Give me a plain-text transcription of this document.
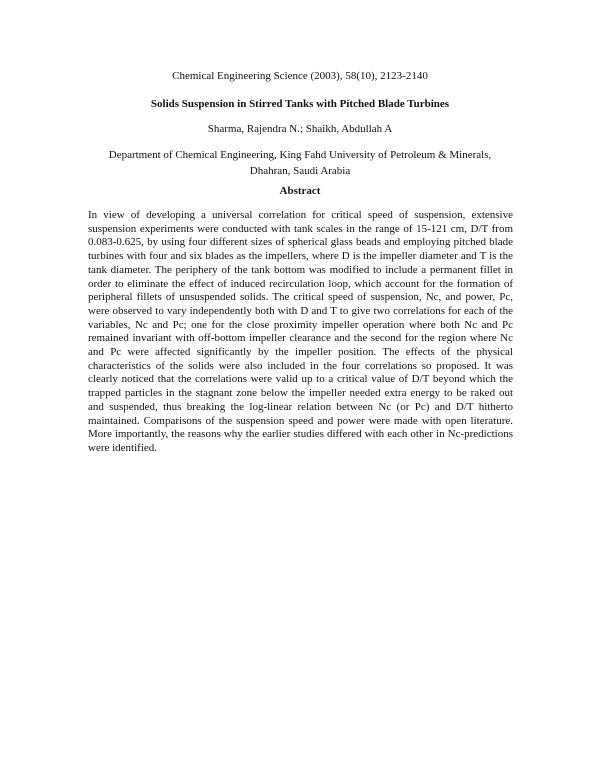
Chemical Engineering Science (2003), 58(10), 2123-2140
Solids Suspension in Stirred Tanks with Pitched Blade Turbines
Sharma, Rajendra N.; Shaikh, Abdullah A
Department of Chemical Engineering, King Fahd University of Petroleum & Minerals,
Dhahran, Saudi Arabia
Abstract

In view of developing a universal correlation for critical speed of suspension, extensive suspension experiments were conducted with tank scales in the range of 15-121 cm, D/T from 0.083-0.625, by using four different sizes of spherical glass beads and employing pitched blade turbines with four and six blades as the impellers, where D is the impeller diameter and T is the tank diameter. The periphery of the tank bottom was modified to include a permanent fillet in order to eliminate the effect of induced recirculation loop, which account for the formation of peripheral fillets of unsuspended solids. The critical speed of suspension, Nc, and power, Pc, were observed to vary independently both with D and T to give two correlations for each of the variables, Nc and Pc; one for the close proximity impeller operation where both Nc and Pc remained invariant with off-bottom impeller clearance and the second for the region where Nc and Pc were affected significantly by the impeller position. The effects of the physical characteristics of the solids were also included in the four correlations so proposed. It was clearly noticed that the correlations were valid up to a critical value of D/T beyond which the trapped particles in the stagnant zone below the impeller needed extra energy to be raked out and suspended, thus breaking the log-linear relation between Nc (or Pc) and D/T hitherto maintained. Comparisons of the suspension speed and power were made with open literature. More importantly, the reasons why the earlier studies differed with each other in Nc-predictions were identified.
